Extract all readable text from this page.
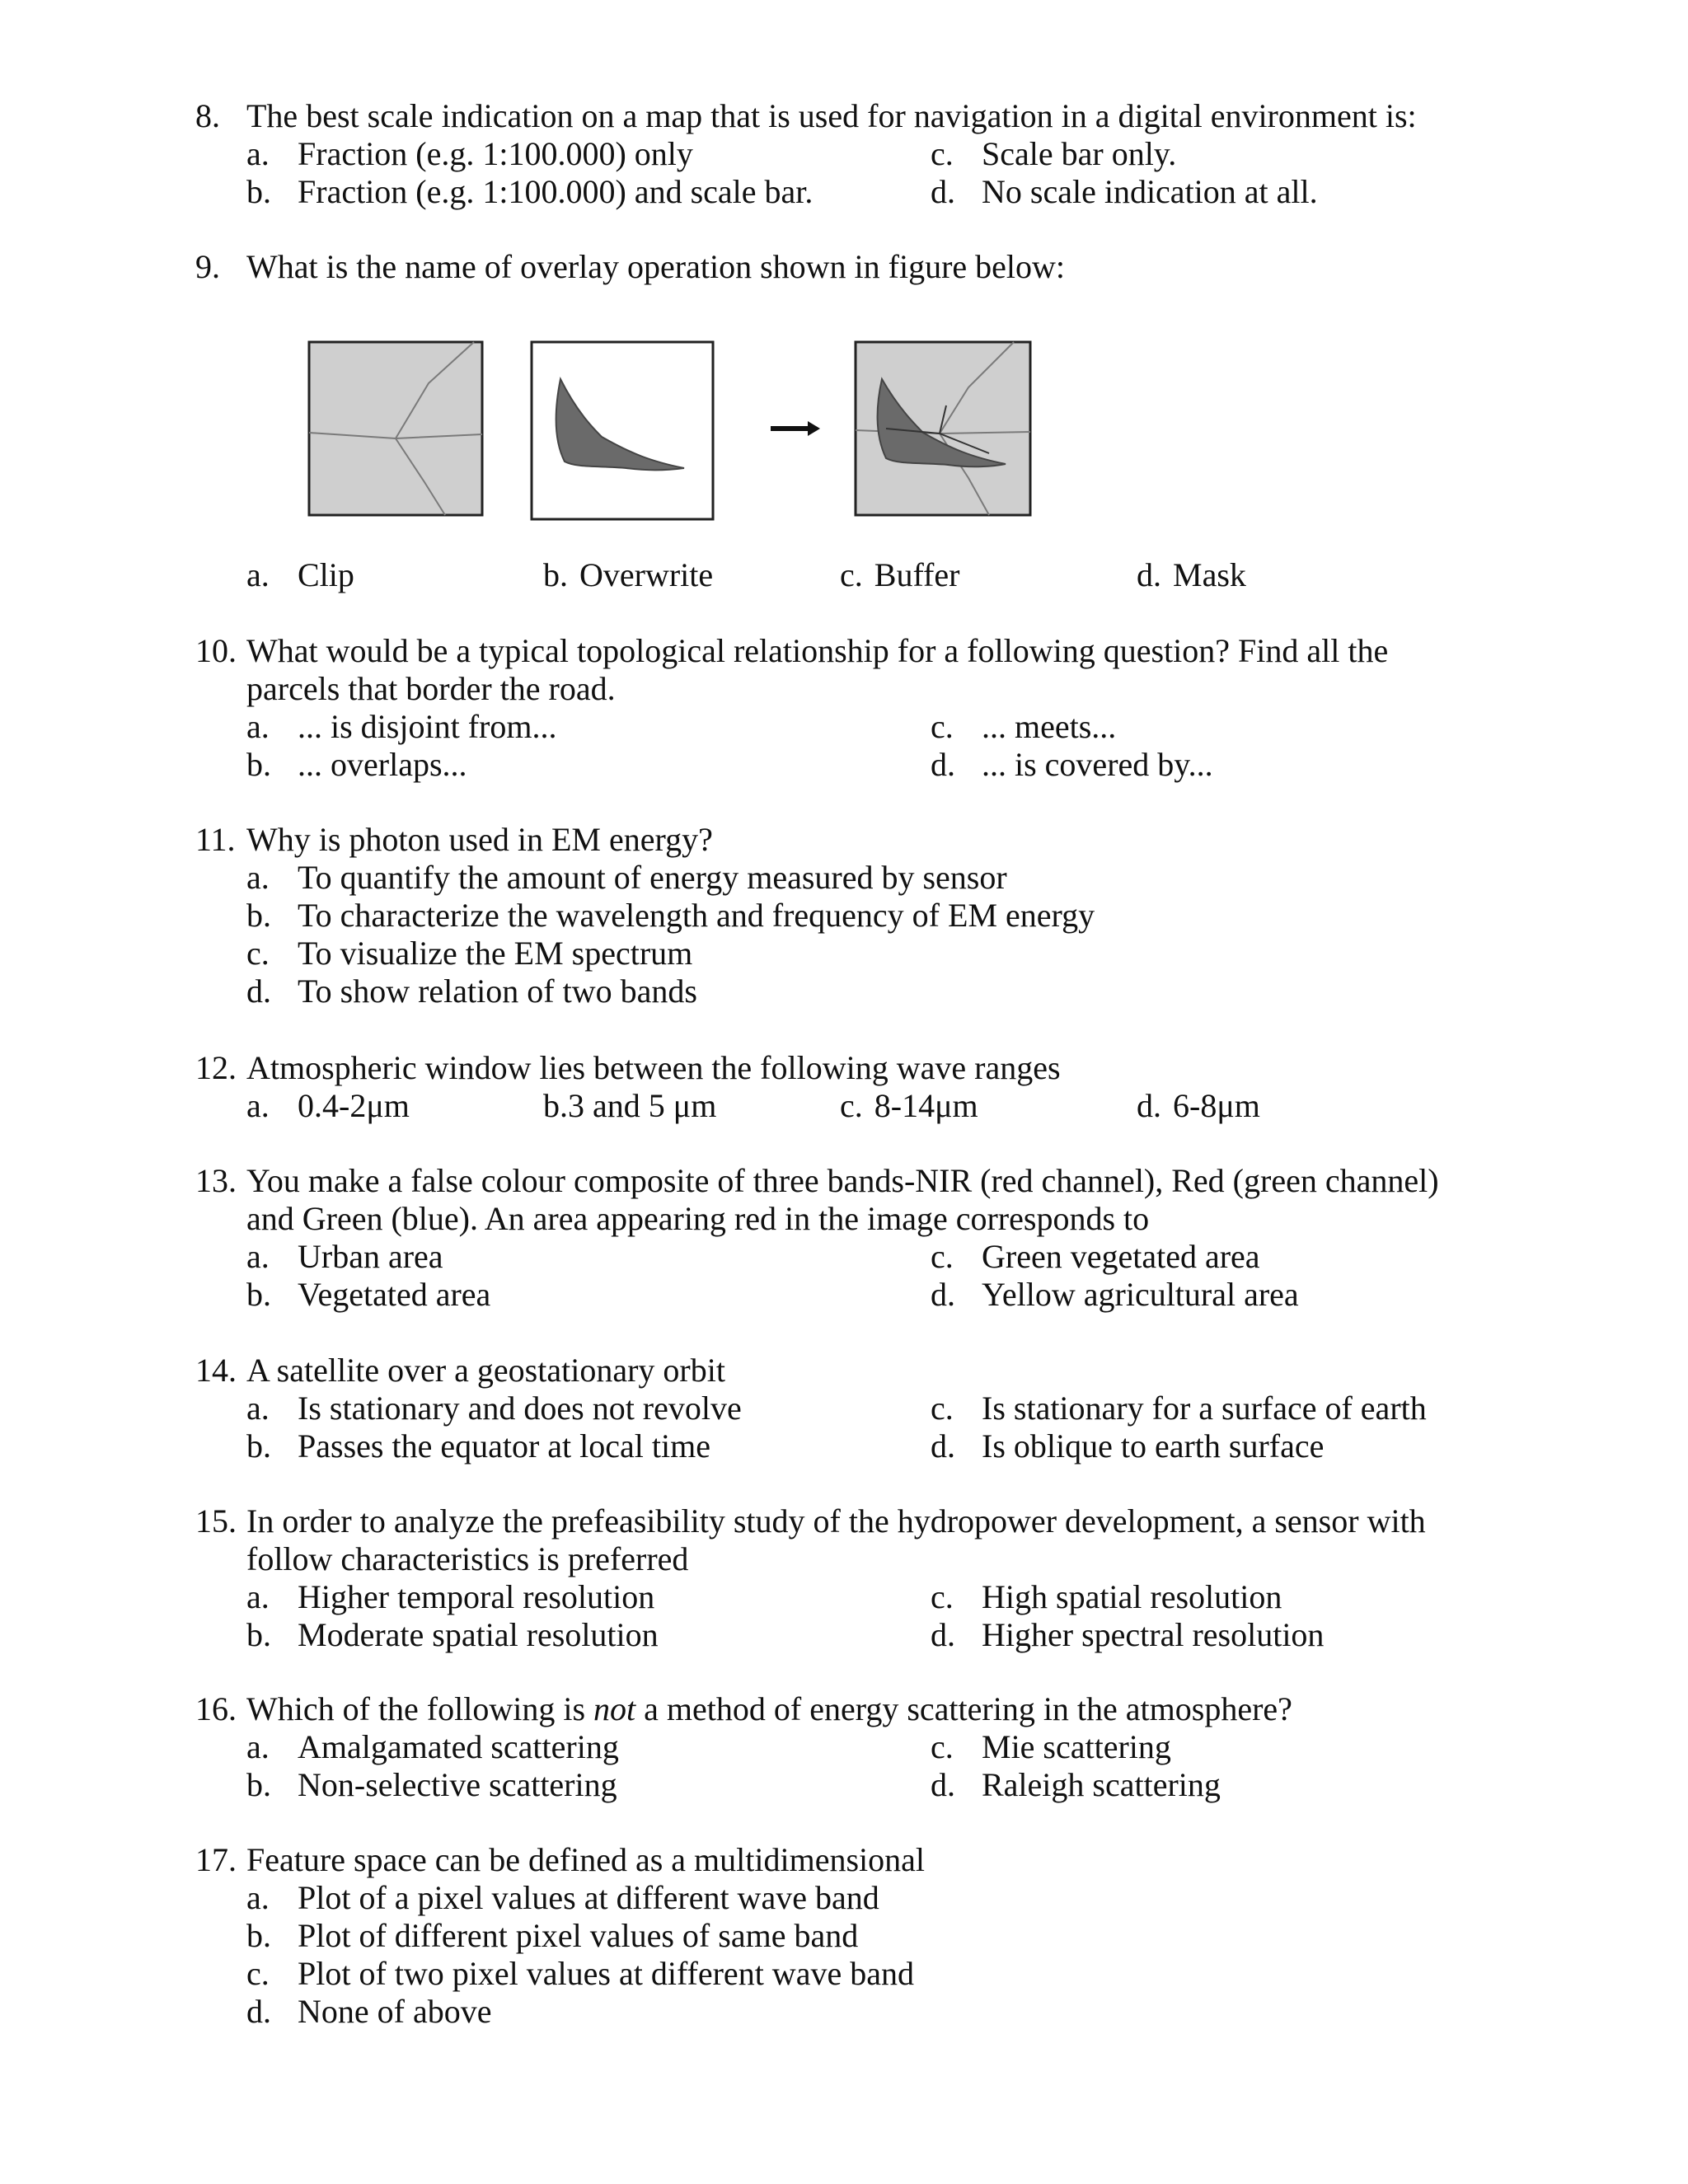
8. The best scale indication on a map that is used for navigation in a digital environment is:
a. Fraction (e.g. 1:100.000) only	c. Scale bar only.
b. Fraction (e.g. 1:100.000) and scale bar.	d. No scale indication at all.
9. What is the name of overlay operation shown in figure below:
a. Clip	b. Overwrite	c. Buffer	d. Mask
10. What would be a typical topological relationship for a following question? Find all the parcels that border the road.
a. ... is disjoint from...	c. ... meets...
b. ... overlaps...	d. ... is covered by...
11. Why is photon used in EM energy?
a. To quantify the amount of energy measured by sensor
b. To characterize the wavelength and frequency of EM energy
c. To visualize the EM spectrum
d. To show relation of two bands
12. Atmospheric window lies between the following wave ranges
a. 0.4-2μm	b. 3 and 5 μm	c. 8-14μm	d. 6-8μm
13. You make a false colour composite of three bands-NIR (red channel), Red (green channel) and Green (blue). An area appearing red in the image corresponds to
a. Urban area	c. Green vegetated area
b. Vegetated area	d. Yellow agricultural area
14. A satellite over a geostationary orbit
a. Is stationary and does not revolve	c. Is stationary for a surface of earth
b. Passes the equator at local time	d. Is oblique to earth surface
15. In order to analyze the prefeasibility study of the hydropower development, a sensor with follow characteristics is preferred
a. Higher temporal resolution	c. High spatial resolution
b. Moderate spatial resolution	d. Higher spectral resolution
16. Which of the following is not a method of energy scattering in the atmosphere?
a. Amalgamated scattering	c. Mie scattering
b. Non-selective scattering	d. Raleigh scattering
17. Feature space can be defined as a multidimensional
a. Plot of a pixel values at different wave band
b. Plot of different pixel values of same band
c. Plot of two pixel values at different wave band
d. None of above
